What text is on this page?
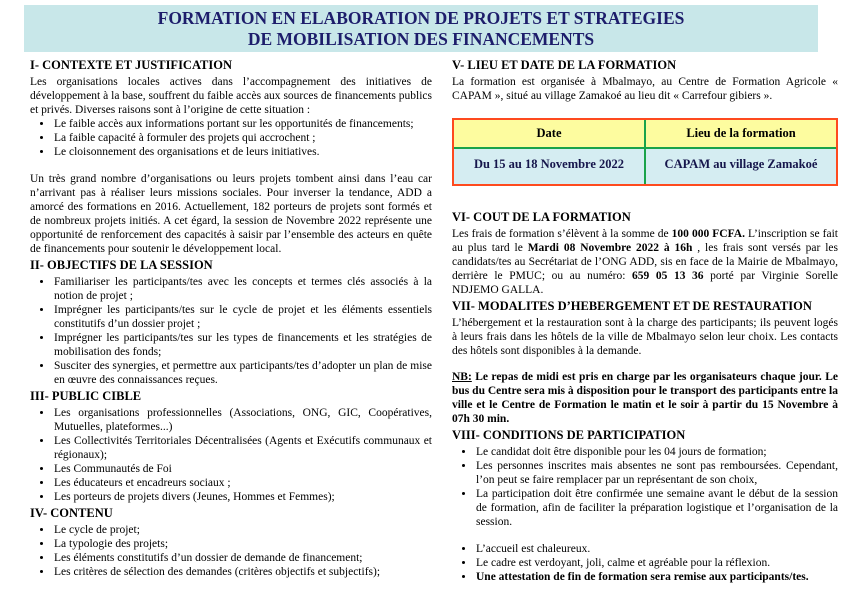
FORMATION EN ELABORATION DE PROJETS ET STRATEGIES
DE MOBILISATION DES FINANCEMENTS
I- CONTEXTE ET JUSTIFICATION

Les organisations locales actives dans l’accompagnement des initiatives de développement à la base, souffrent du faible accès aux sources de financements publics et privés. Diverses raisons sont à l’origine de cette situation :

• Le faible accès aux informations portant sur les opportunités de financements;
• La faible capacité à formuler des projets qui accrochent ;
• Le cloisonnement des organisations et de leurs initiatives.

Un très grand nombre d’organisations ou leurs projets tombent ainsi dans l’eau car n’arrivant pas à réaliser leurs missions sociales. Pour inverser la tendance, ADD a amorcé des formations en 2016. Actuellement, 182 porteurs de projets sont formés et de nombreux projets initiés. A cet égard, la session de Novembre 2022 représente une opportunité de renforcement des capacités à saisir par l’ensemble des acteurs en quête de financements pour soutenir le développement local.

II- OBJECTIFS DE LA SESSION
• Familiariser les participants/tes avec les concepts et termes clés associés à la notion de projet ;
• Imprégner les participants/tes sur le cycle de projet et les éléments essentiels constitutifs d’un dossier projet ;
• Imprégner les participants/tes sur les types de financements et les stratégies de mobilisation des fonds;
• Susciter des synergies, et permettre aux participants/tes d’adopter un plan de mise en œuvre des connaissances reçues.
III- PUBLIC CIBLE
• Les organisations professionnelles (Associations, ONG, GIC, Coopératives, Mutuelles, plateformes...)
• Les Collectivités Territoriales Décentralisées (Agents et Exécutifs communaux et régionaux);
• Les Communautés de Foi
• Les éducateurs et encadreurs sociaux ;
• Les porteurs de projets divers (Jeunes, Hommes et Femmes);
IV- CONTENU
• Le cycle de projet;
• La typologie des projets;
• Les éléments constitutifs d’un dossier de demande de financement;
• Les critères de sélection des demandes (critères objectifs et subjectifs);
V- LIEU ET DATE DE LA FORMATION

La formation est organisée à Mbalmayo, au Centre de Formation Agricole « CAPAM », situé au village Zamakoé au lieu dit « Carrefour gibiers ».

Date	Lieu de la formation
Du 15 au 18 Novembre 2022	CAPAM au village Zamakoé
VI- COUT DE LA FORMATION

Les frais de formation s’élèvent à la somme de 100 000 FCFA. L’inscription se fait au plus tard le Mardi 08 Novembre 2022 à 16h , les frais sont versés par les candidats/tes au Secrétariat de l’ONG ADD, sis en face de la Mairie de Mbalmayo, derrière le PMUC; ou au numéro: 659 05 13 36 porté par Virginie Sorelle NDJEMO GALLA.

VII- MODALITES D’HEBERGEMENT ET DE RESTAURATION

L’hébergement et la restauration sont à la charge des participants; ils peuvent logés à leurs frais dans les hôtels de la ville de Mbalmayo selon leur choix. Les contacts des hôtels sont disponibles à la demande.

NB: Le repas de midi est pris en charge par les organisateurs chaque jour. Le bus du Centre sera mis à disposition pour le transport des participants entre la ville et le Centre de Formation le matin et le soir à partir du 15 Novembre à 07h 30 min.

VIII- CONDITIONS DE PARTICIPATION
• Le candidat doit être disponible pour les 04 jours de formation;
• Les personnes inscrites mais absentes ne sont pas remboursées. Cependant, l’on peut se faire remplacer par un représentant de son choix,
• La participation doit être confirmée une semaine avant le début de la session de formation, afin de faciliter la préparation logistique et l’organisation de la session.
• L’accueil est chaleureux.
• Le cadre est verdoyant, joli, calme et agréable pour la réflexion.
• Une attestation de fin de formation sera remise aux participants/tes.
